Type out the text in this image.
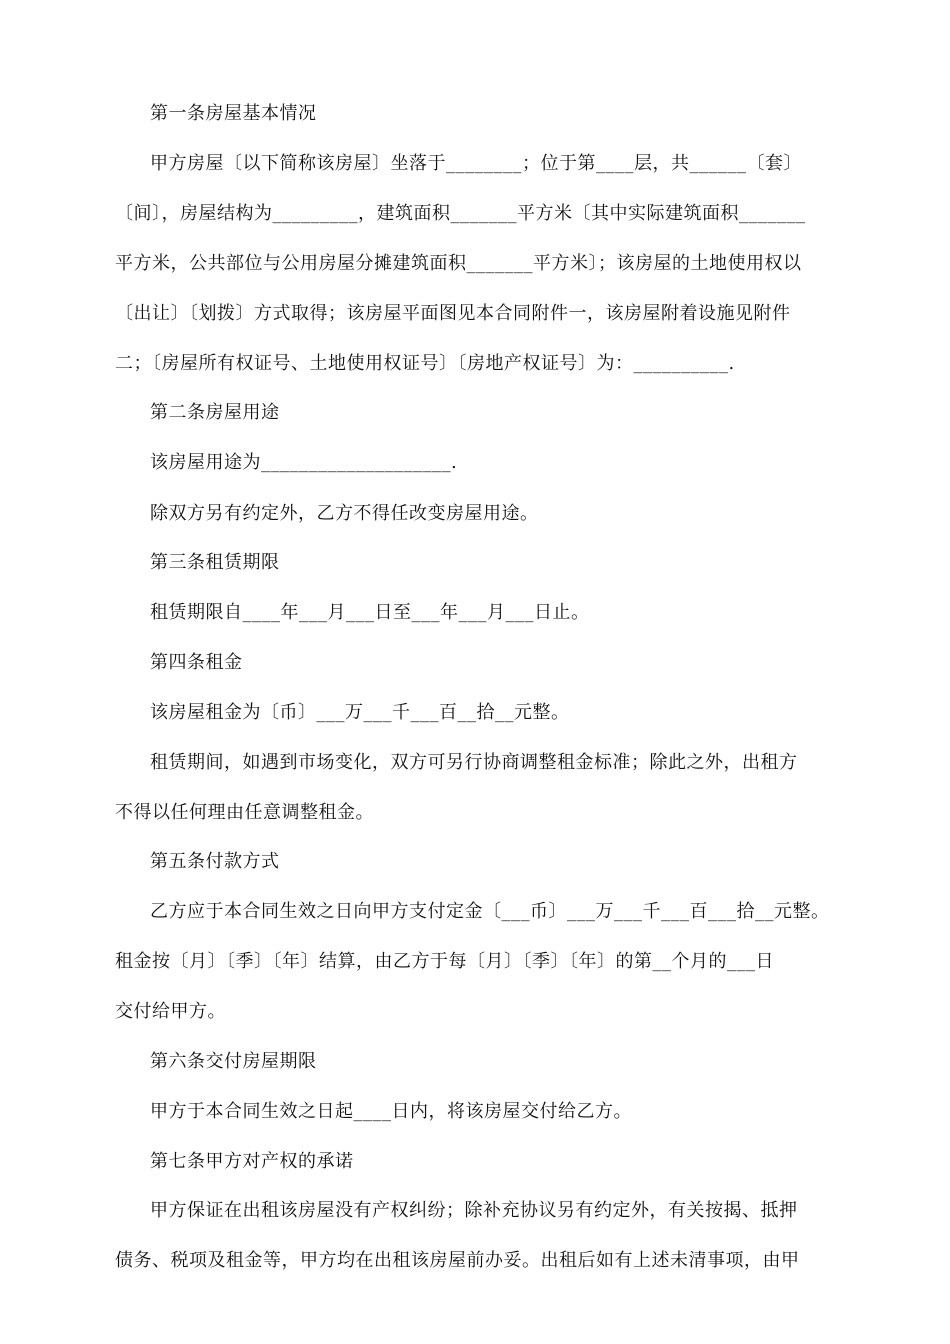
第一条房屋基本情况
甲方房屋〔以下简称该房屋〕坐落于________；位于第____层，共______〔套〕
〔间〕，房屋结构为_________，建筑面积_______平方米〔其中实际建筑面积_______
平方米，公共部位与公用房屋分摊建筑面积_______平方米〕；该房屋的土地使用权以
〔出让〕〔划拨〕方式取得；该房屋平面图见本合同附件一，该房屋附着设施见附件
二；〔房屋所有权证号、土地使用权证号〕〔房地产权证号〕为：__________.
第二条房屋用途
该房屋用途为____________________.
除双方另有约定外，乙方不得任改变房屋用途。
第三条租赁期限
租赁期限自____年___月___日至___年___月___日止。
第四条租金
该房屋租金为〔币〕___万___千___百__拾__元整。
租赁期间，如遇到市场变化，双方可另行协商调整租金标准；除此之外，出租方
不得以任何理由任意调整租金。
第五条付款方式
乙方应于本合同生效之日向甲方支付定金〔___币〕___万___千___百___拾__元整。
租金按〔月〕〔季〕〔年〕结算，由乙方于每〔月〕〔季〕〔年〕的第__个月的___日
交付给甲方。
第六条交付房屋期限
甲方于本合同生效之日起____日内，将该房屋交付给乙方。
第七条甲方对产权的承诺
甲方保证在出租该房屋没有产权纠纷；除补充协议另有约定外，有关按揭、抵押
债务、税项及租金等，甲方均在出租该房屋前办妥。出租后如有上述未清事项，由甲
